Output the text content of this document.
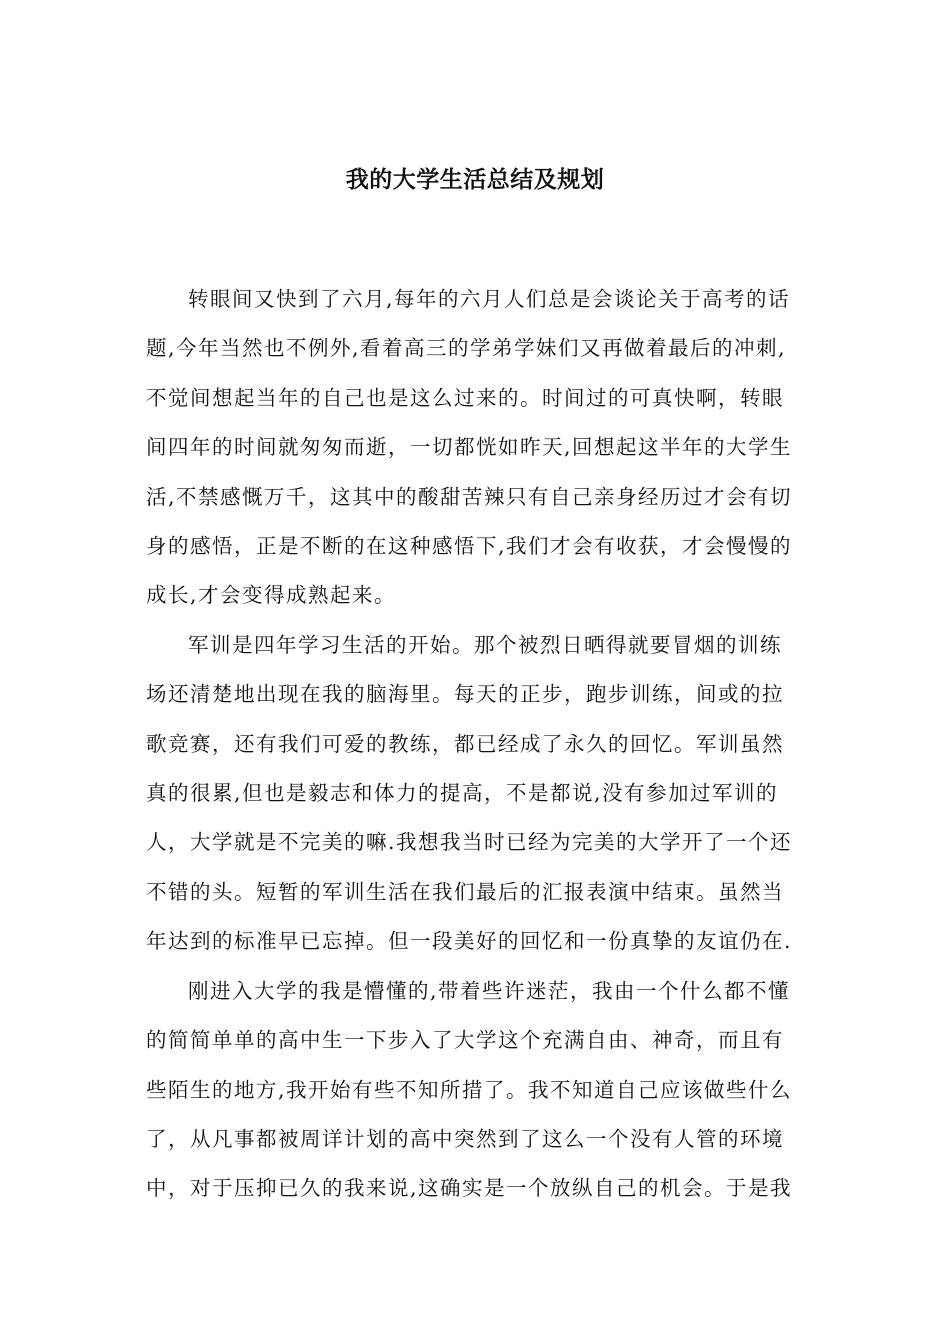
我的大学生活总结及规划
转眼间又快到了六月,每年的六月人们总是会谈论关于高考的话
题,今年当然也不例外,看着高三的学弟学妹们又再做着最后的冲刺,
不觉间想起当年的自己也是这么过来的。时间过的可真快啊，转眼
间四年的时间就匆匆而逝，一切都恍如昨天,回想起这半年的大学生
活,不禁感慨万千，这其中的酸甜苦辣只有自己亲身经历过才会有切
身的感悟，正是不断的在这种感悟下,我们才会有收获，才会慢慢的
成长,才会变得成熟起来。
军训是四年学习生活的开始。那个被烈日晒得就要冒烟的训练
场还清楚地出现在我的脑海里。每天的正步，跑步训练，间或的拉
歌竞赛，还有我们可爱的教练，都已经成了永久的回忆。军训虽然
真的很累,但也是毅志和体力的提高，不是都说,没有参加过军训的
人，大学就是不完美的嘛.我想我当时已经为完美的大学开了一个还
不错的头。短暂的军训生活在我们最后的汇报表演中结束。虽然当
年达到的标准早已忘掉。但一段美好的回忆和一份真挚的友谊仍在.
刚进入大学的我是懵懂的,带着些许迷茫，我由一个什么都不懂
的简简单单的高中生一下步入了大学这个充满自由、神奇，而且有
些陌生的地方,我开始有些不知所措了。我不知道自己应该做些什么
了，从凡事都被周详计划的高中突然到了这么一个没有人管的环境
中，对于压抑已久的我来说,这确实是一个放纵自己的机会。于是我
